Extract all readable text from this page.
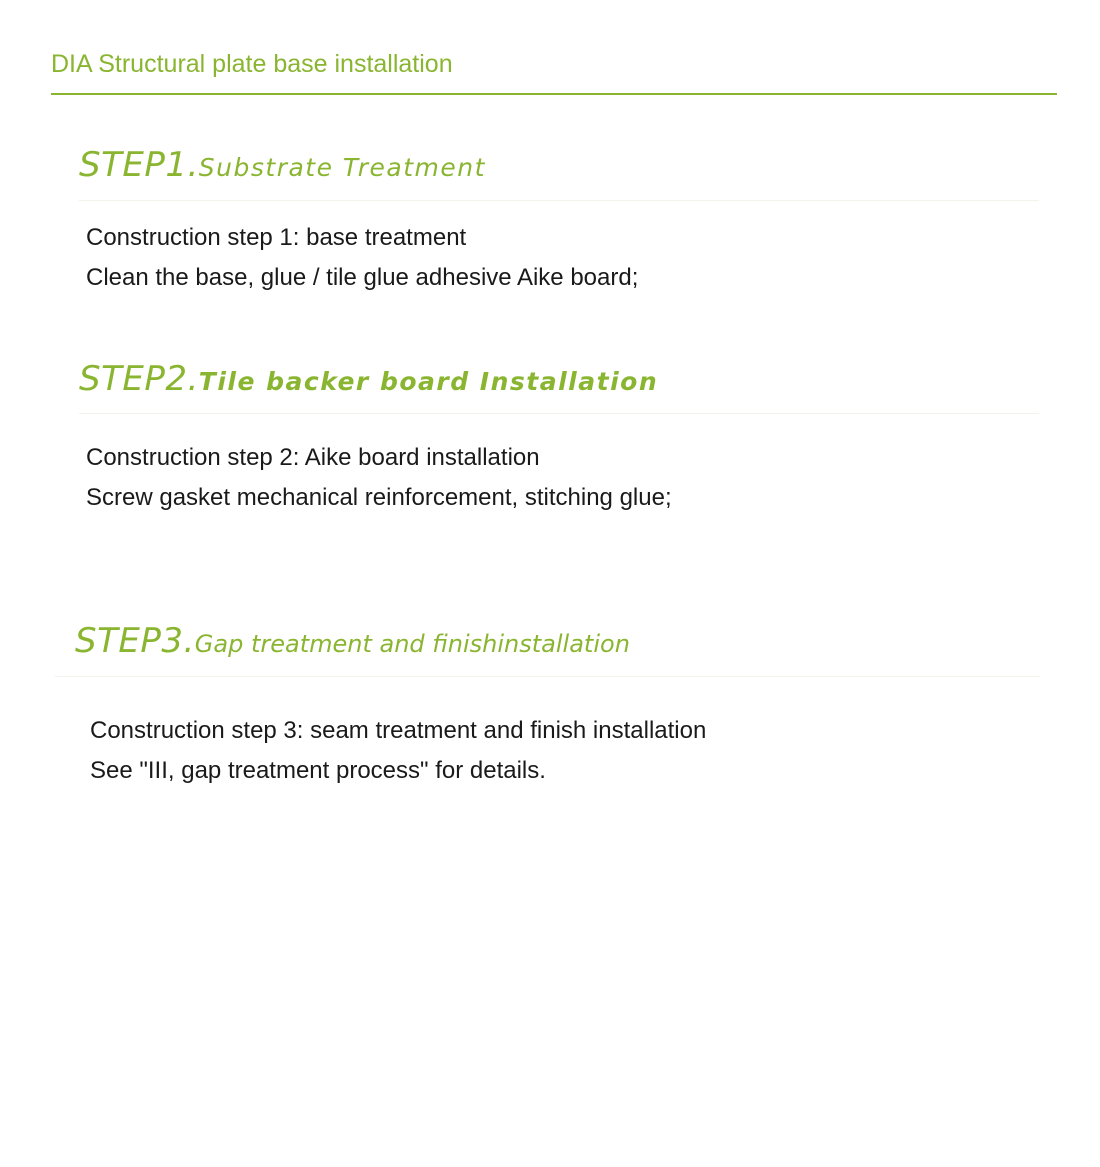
DIA Structural plate base installation
STEP1.Substrate Treatment
Construction step 1: base treatment
Clean the base, glue / tile glue adhesive Aike board;
STEP2.Tile backer board Installation
Construction step 2: Aike board installation
Screw gasket mechanical reinforcement, stitching glue;
STEP3.Gap treatment and finishinstallation
Construction step 3: seam treatment and finish installation
See "III, gap treatment process" for details.
